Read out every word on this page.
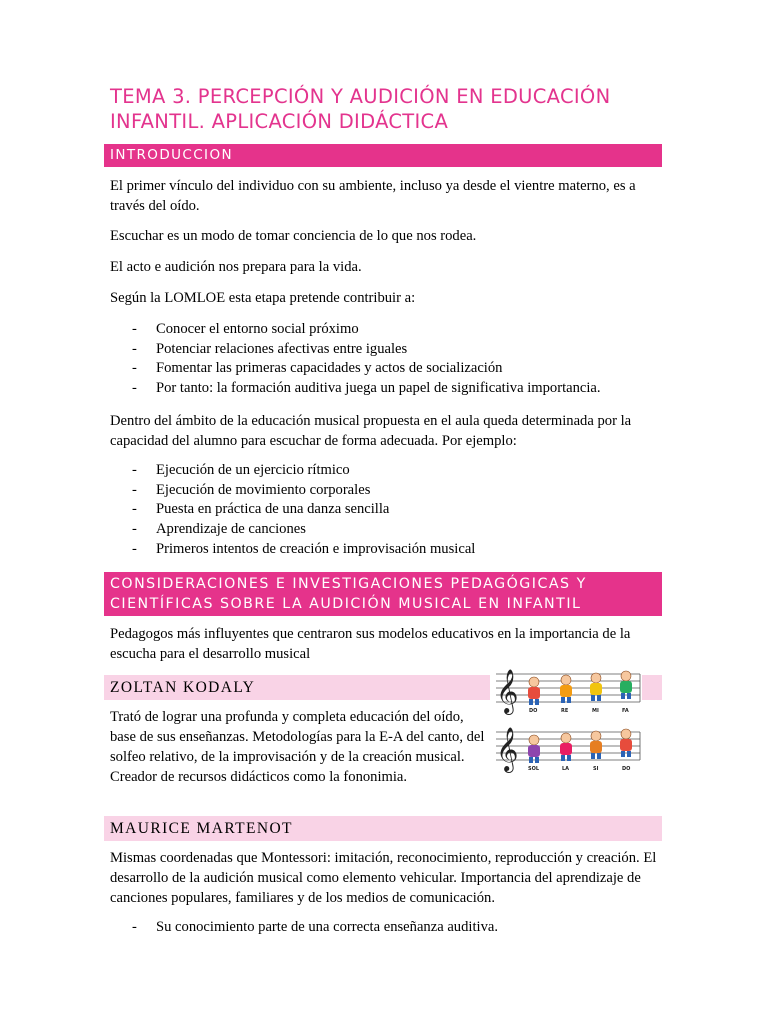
TEMA 3. PERCEPCIÓN Y AUDICIÓN EN EDUCACIÓN INFANTIL. APLICACIÓN DIDÁCTICA
INTRODUCCION
El primer vínculo del individuo con su ambiente, incluso ya desde el vientre materno, es a través del oído.
Escuchar es un modo de tomar conciencia de lo que nos rodea.
El acto e audición nos prepara para la vida.
Según la LOMLOE esta etapa pretende contribuir a:
- Conocer el entorno social próximo
- Potenciar relaciones afectivas entre iguales
- Fomentar las primeras capacidades y actos de socialización
- Por tanto: la formación auditiva juega un papel de significativa importancia.
Dentro del ámbito de la educación musical propuesta en el aula queda determinada por la capacidad del alumno para escuchar de forma adecuada. Por ejemplo:
- Ejecución de un ejercicio rítmico
- Ejecución de movimiento corporales
- Puesta en práctica de una danza sencilla
- Aprendizaje de canciones
- Primeros intentos de creación e improvisación musical
CONSIDERACIONES E INVESTIGACIONES PEDAGÓGICAS Y
CIENTÍFICAS SOBRE LA AUDICIÓN MUSICAL EN INFANTIL
Pedagogos más influyentes que centraron sus modelos educativos en la importancia de la escucha para el desarrollo musical
ZOLTAN KODALY
Trató de lograr una profunda y completa educación del oído, base de sus enseñanzas. Metodologías para la E-A del canto, del solfeo relativo, de la improvisación y de la creación musical. Creador de recursos didácticos como la fononimia.
𝄞
𝄞
DO	RE	MI	FA
SOL	LA	SI	DO
MAURICE MARTENOT
Mismas coordenadas que Montessori: imitación, reconocimiento, reproducción y creación. El desarrollo de la audición musical como elemento vehicular. Importancia del aprendizaje de canciones populares, familiares y de los medios de comunicación.
- Su conocimiento parte de una correcta enseñanza auditiva.
